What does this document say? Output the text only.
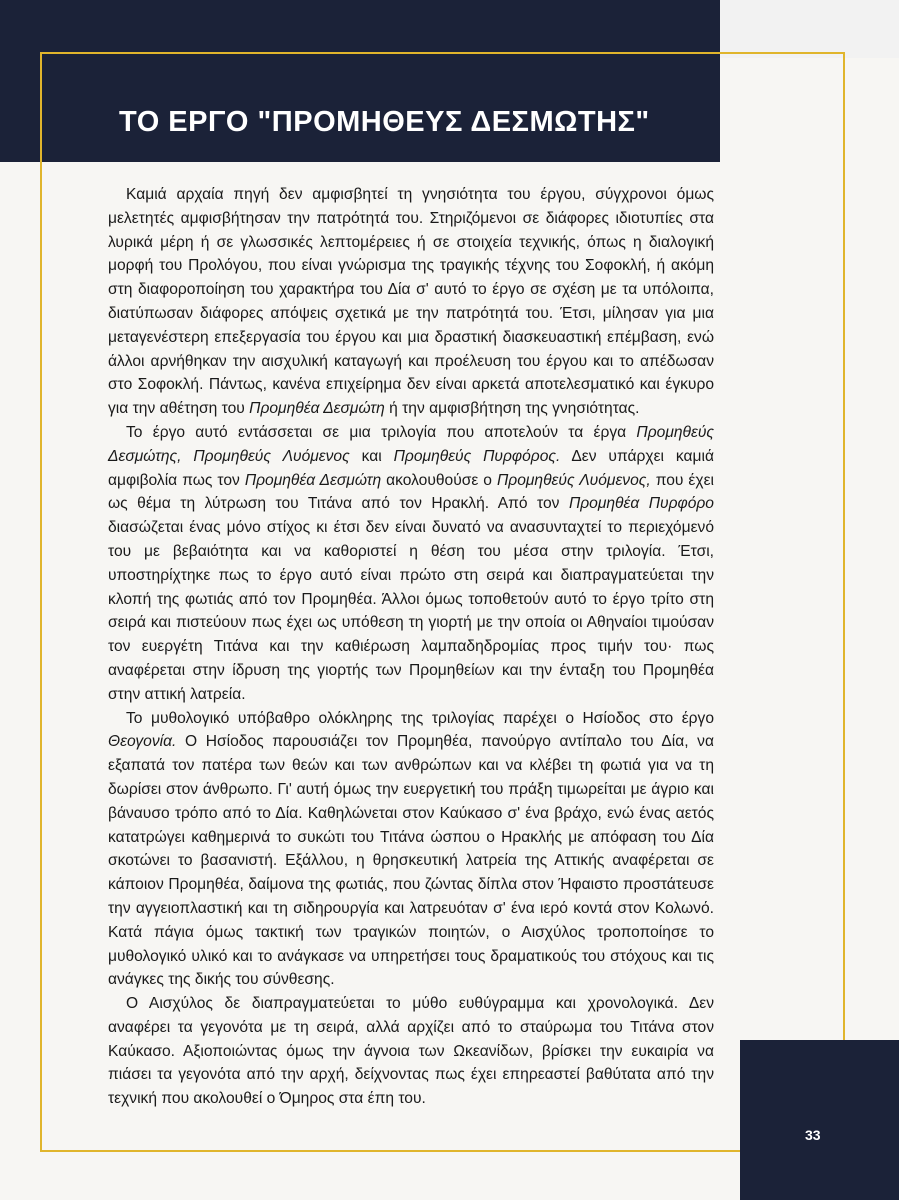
ΤΟ ΕΡΓΟ "ΠΡΟΜΗΘΕΥΣ ΔΕΣΜΩΤΗΣ"

Καμιά αρχαία πηγή δεν αμφισβητεί τη γνησιότητα του έργου, σύγχρονοι όμως μελετητές αμφισβήτησαν την πατρότητά του. Στηριζόμενοι σε διάφορες ιδιοτυπίες στα λυρικά μέρη ή σε γλωσσικές λεπτομέρειες ή σε στοιχεία τεχνικής, όπως η διαλογική μορφή του Προλόγου, που είναι γνώρισμα της τραγικής τέχνης του Σοφοκλή, ή ακόμη στη διαφοροποίηση του χαρακτήρα του Δία σ' αυτό το έργο σε σχέση με τα υπόλοιπα, διατύπωσαν διάφορες απόψεις σχετικά με την πατρότητά του. Έτσι, μίλησαν για μια μεταγενέστερη επεξεργασία του έργου και μια δραστική διασκευαστική επέμβαση, ενώ άλλοι αρνήθηκαν την αισχυλική καταγωγή και προέλευση του έργου και το απέδωσαν στο Σοφοκλή. Πάντως, κανένα επιχείρημα δεν είναι αρκετά αποτελεσματικό και έγκυρο για την αθέτηση του Προμηθέα Δεσμώτη ή την αμφισβήτηση της γνησιότητας.

Το έργο αυτό εντάσσεται σε μια τριλογία που αποτελούν τα έργα Προμηθεύς Δεσμώτης, Προμηθεύς Λυόμενος και Προμηθεύς Πυρφόρος. Δεν υπάρχει καμιά αμφιβολία πως τον Προμηθέα Δεσμώτη ακολουθούσε ο Προμηθεύς Λυόμενος, που έχει ως θέμα τη λύτρωση του Τιτάνα από τον Ηρακλή. Από τον Προμηθέα Πυρφόρο διασώζεται ένας μόνο στίχος κι έτσι δεν είναι δυνατό να ανασυνταχτεί το περιεχόμενό του με βεβαιότητα και να καθοριστεί η θέση του μέσα στην τριλογία. Έτσι, υποστηρίχτηκε πως το έργο αυτό είναι πρώτο στη σειρά και διαπραγματεύεται την κλοπή της φωτιάς από τον Προμηθέα. Άλλοι όμως τοποθετούν αυτό το έργο τρίτο στη σειρά και πιστεύουν πως έχει ως υπόθεση τη γιορτή με την οποία οι Αθηναίοι τιμούσαν τον ευεργέτη Τιτάνα και την καθιέρωση λαμπαδηδρομίας προς τιμήν του· πως αναφέρεται στην ίδρυση της γιορτής των Προμηθείων και την ένταξη του Προμηθέα στην αττική λατρεία.

Το μυθολογικό υπόβαθρο ολόκληρης της τριλογίας παρέχει ο Ησίοδος στο έργο Θεογονία. Ο Ησίοδος παρουσιάζει τον Προμηθέα, πανούργο αντίπαλο του Δία, να εξαπατά τον πατέρα των θεών και των ανθρώπων και να κλέβει τη φωτιά για να τη δωρίσει στον άνθρωπο. Γι' αυτή όμως την ευεργετική του πράξη τιμωρείται με άγριο και βάναυσο τρόπο από το Δία. Καθηλώνεται στον Καύκασο σ' ένα βράχο, ενώ ένας αετός κατατρώγει καθημερινά το συκώτι του Τιτάνα ώσπου ο Ηρακλής με απόφαση του Δία σκοτώνει το βασανιστή. Εξάλλου, η θρησκευτική λατρεία της Αττικής αναφέρεται σε κάποιον Προμηθέα, δαίμονα της φωτιάς, που ζώντας δίπλα στον Ήφαιστο προστάτευσε την αγγειοπλαστική και τη σιδηρουργία και λατρευόταν σ' ένα ιερό κοντά στον Κολωνό. Κατά πάγια όμως τακτική των τραγικών ποιητών, ο Αισχύλος τροποποίησε το μυθολογικό υλικό και το ανάγκασε να υπηρετήσει τους δραματικούς του στόχους και τις ανάγκες της δικής του σύνθεσης.

Ο Αισχύλος δε διαπραγματεύεται το μύθο ευθύγραμμα και χρονολογικά. Δεν αναφέρει τα γεγονότα με τη σειρά, αλλά αρχίζει από το σταύρωμα του Τιτάνα στον Καύκασο. Αξιοποιώντας όμως την άγνοια των Ωκεανίδων, βρίσκει την ευκαιρία να πιάσει τα γεγονότα από την αρχή, δείχνοντας πως έχει επηρεαστεί βαθύτατα από την τεχνική που ακολουθεί ο Όμηρος στα έπη του.

33
